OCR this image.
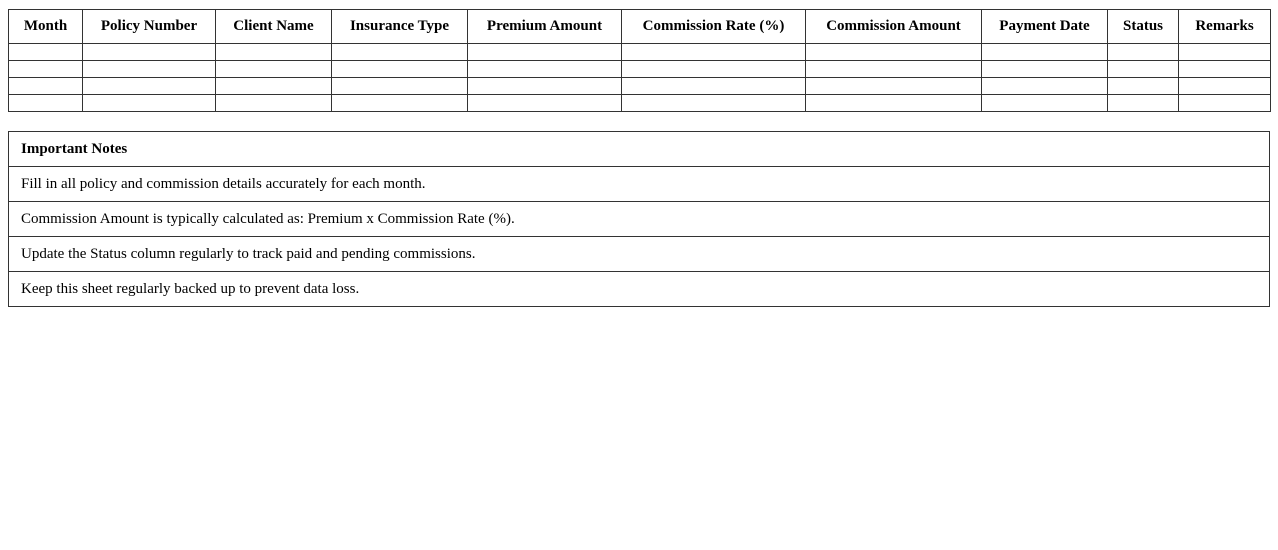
Month	Policy Number	Client Name	Insurance Type	Premium Amount	Commission Rate (%)	Commission Amount	Payment Date	Status	Remarks

Important Notes
Fill in all policy and commission details accurately for each month.
Commission Amount is typically calculated as: Premium x Commission Rate (%).
Update the Status column regularly to track paid and pending commissions.
Keep this sheet regularly backed up to prevent data loss.
